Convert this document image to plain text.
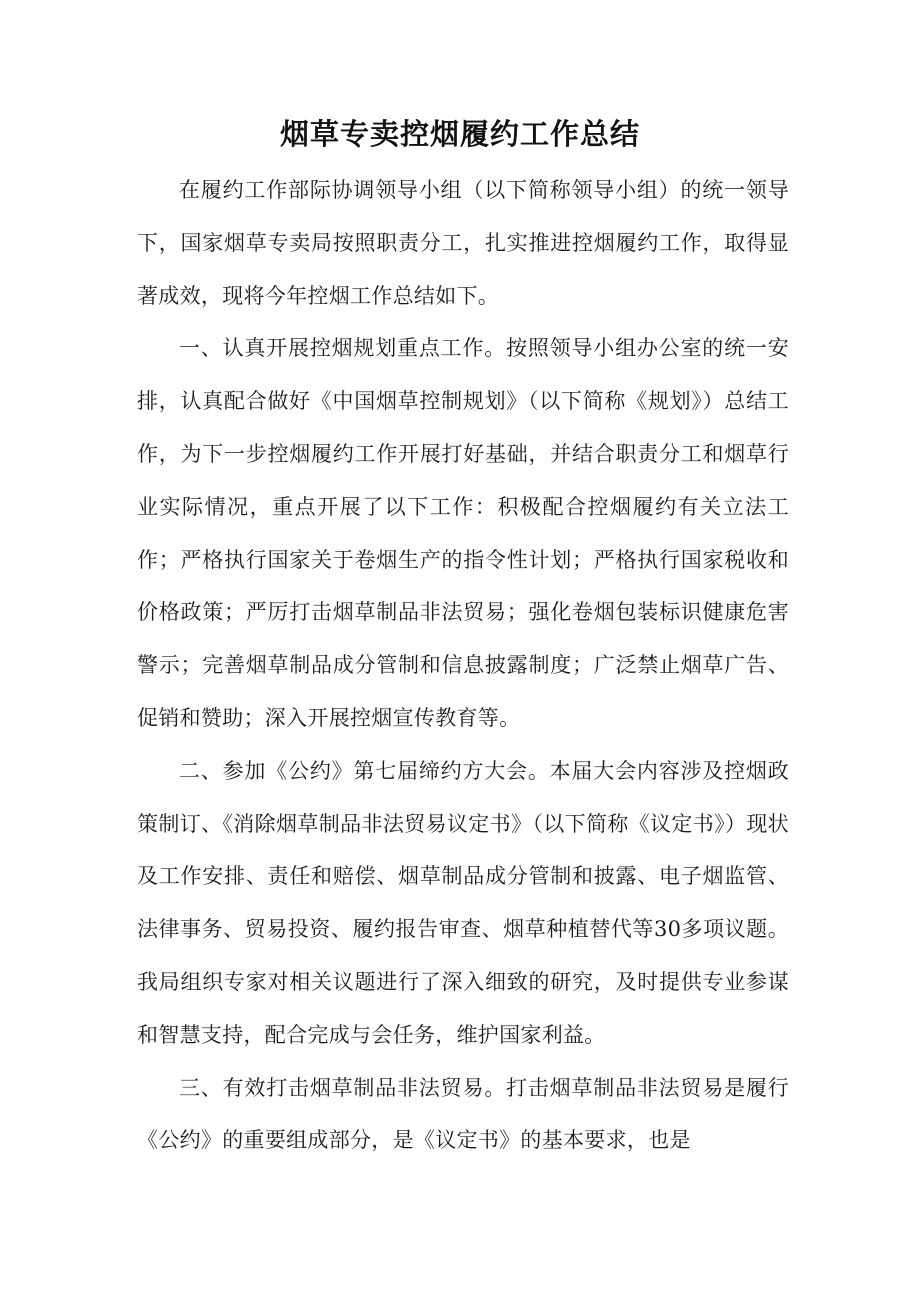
烟草专卖控烟履约工作总结

在履约工作部际协调领导小组（以下简称领导小组）的统一领导下，国家烟草专卖局按照职责分工，扎实推进控烟履约工作，取得显著成效，现将今年控烟工作总结如下。

一、认真开展控烟规划重点工作。按照领导小组办公室的统一安排，认真配合做好《中国烟草控制规划》（以下简称《规划》）总结工作，为下一步控烟履约工作开展打好基础，并结合职责分工和烟草行业实际情况，重点开展了以下工作：积极配合控烟履约有关立法工作；严格执行国家关于卷烟生产的指令性计划；严格执行国家税收和价格政策；严厉打击烟草制品非法贸易；强化卷烟包装标识健康危害警示；完善烟草制品成分管制和信息披露制度；广泛禁止烟草广告、促销和赞助；深入开展控烟宣传教育等。

二、参加《公约》第七届缔约方大会。本届大会内容涉及控烟政策制订、《消除烟草制品非法贸易议定书》（以下简称《议定书》）现状及工作安排、责任和赔偿、烟草制品成分管制和披露、电子烟监管、法律事务、贸易投资、履约报告审查、烟草种植替代等30多项议题。我局组织专家对相关议题进行了深入细致的研究，及时提供专业参谋和智慧支持，配合完成与会任务，维护国家利益。

三、有效打击烟草制品非法贸易。打击烟草制品非法贸易是履行《公约》的重要组成部分，是《议定书》的基本要求，也是
